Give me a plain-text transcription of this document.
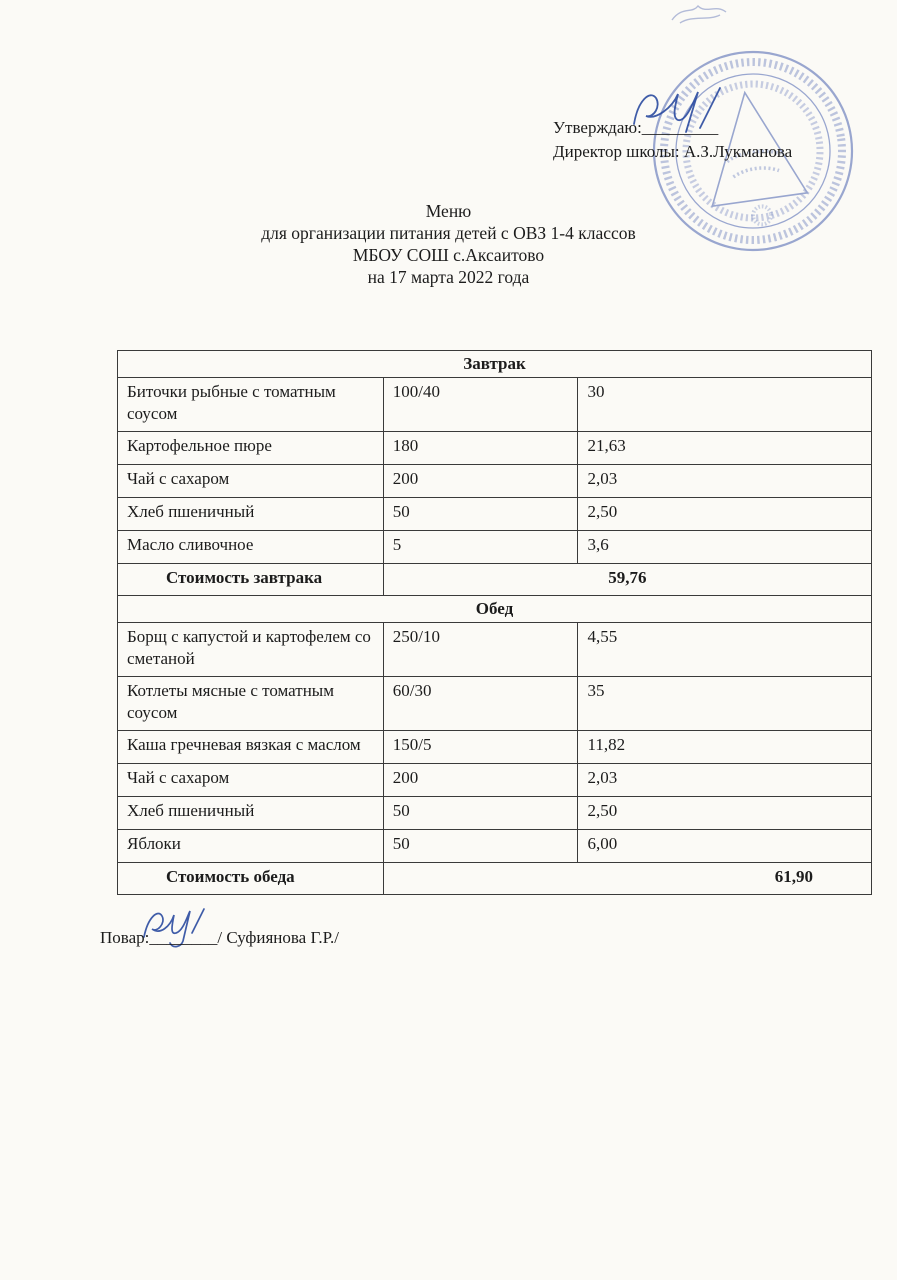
Утверждаю:_________
Директор школы: А.З.Лукманова
Меню
для организации питания детей с ОВЗ 1-4 классов
МБОУ СОШ с.Аксаитово
на 17 марта 2022 года
Завтрак		
Биточки рыбные с томатным соусом	100/40	30
Картофельное пюре	180	21,63
Чай с сахаром	200	2,03
Хлеб пшеничный	50	2,50
Масло сливочное	5	3,6
Стоимость завтрака	59,76	
Обед		
Борщ с капустой и картофелем со сметаной	250/10	4,55
Котлеты мясные с томатным соусом	60/30	35
Каша гречневая вязкая с маслом	150/5	11,82
Чай с сахаром	200	2,03
Хлеб пшеничный	50	2,50
Яблоки	50	6,00
Стоимость обеда	61,90	
Повар:________/ Суфиянова Г.Р./
